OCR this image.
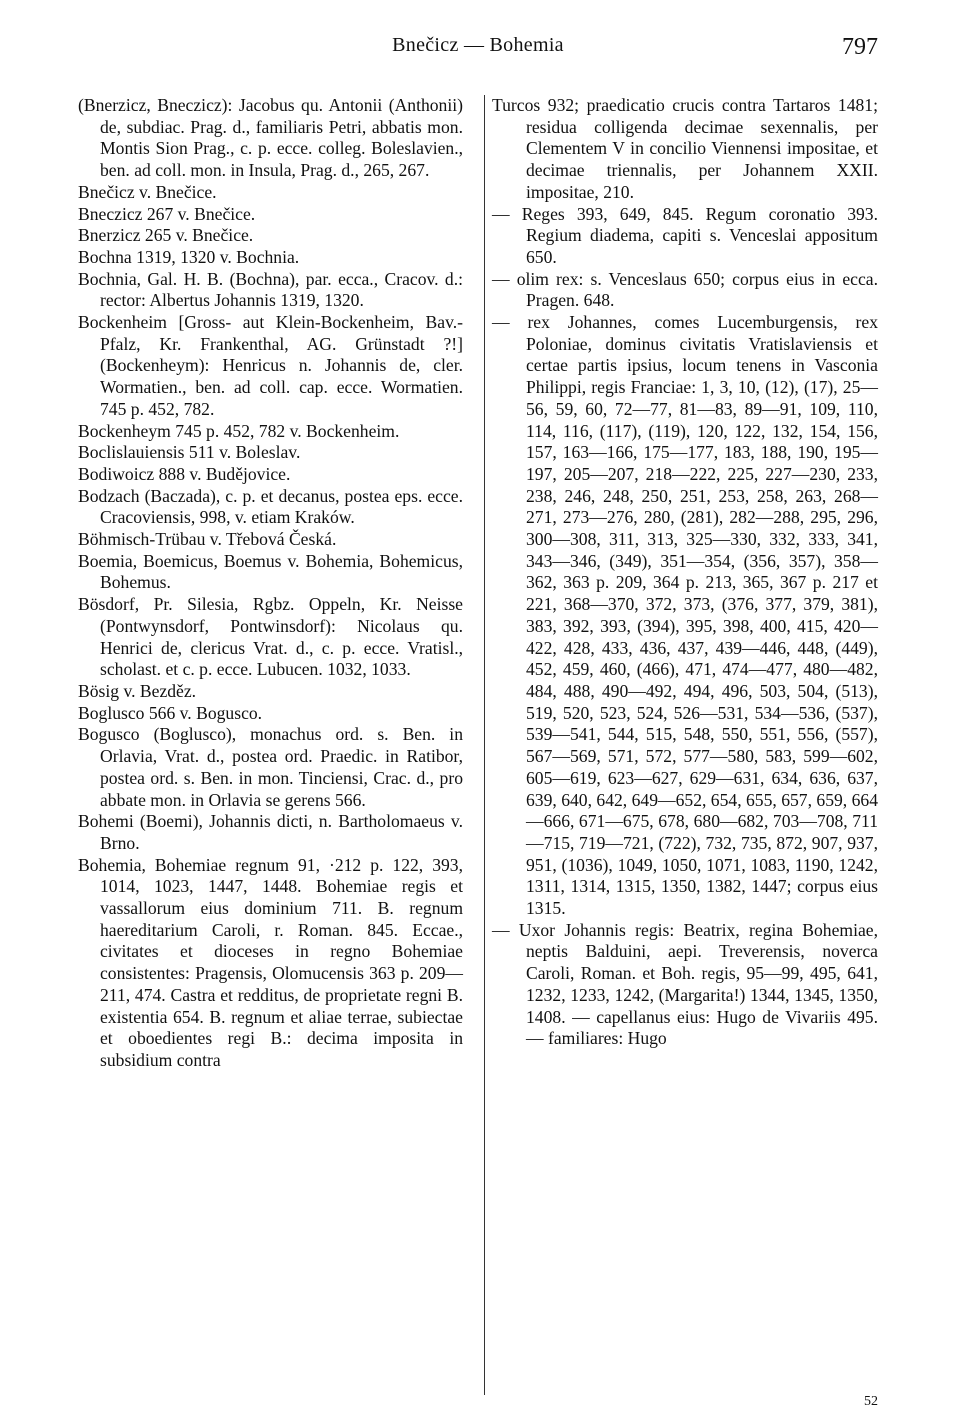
Bnečicz — Bohemia	797

(Bnerzicz, Bneczicz): Jacobus qu. Antonii (Anthonii) de, subdiac. Prag. d., familiaris Petri, abbatis mon. Montis Sion Prag., c. p. ecce. colleg. Boleslavien., ben. ad coll. mon. in Insula, Prag. d., 265, 267.

Bnečicz v. Bnečice.

Bneczicz 267 v. Bnečice.

Bnerzicz 265 v. Bnečice.

Bochna 1319, 1320 v. Bochnia.

Bochnia, Gal. H. B. (Bochna), par. ecca., Cracov. d.: rector: Albertus Johannis 1319, 1320.

Bockenheim [Gross- aut Klein-Bockenheim, Bav.-Pfalz, Kr. Frankenthal, AG. Grünstadt ?!] (Bockenheym): Henricus n. Johannis de, cler. Wormatien., ben. ad coll. cap. ecce. Wormatien. 745 p. 452, 782.

Bockenheym 745 p. 452, 782 v. Bockenheim.

Boclislauiensis 511 v. Boleslav.

Bodiwoicz 888 v. Budějovice.

Bodzach (Baczada), c. p. et decanus, postea eps. ecce. Cracoviensis, 998, v. etiam Kraków.

Böhmisch-Trübau v. Třebová Česká.

Boemia, Boemicus, Boemus v. Bohemia, Bohemicus, Bohemus.

Bösdorf, Pr. Silesia, Rgbz. Oppeln, Kr. Neisse (Pontwynsdorf, Pontwinsdorf): Nicolaus qu. Henrici de, clericus Vrat. d., c. p. ecce. Vratisl., scholast. et c. p. ecce. Lubucen. 1032, 1033.

Bösig v. Bezděz.

Boglusco 566 v. Bogusco.

Bogusco (Boglusco), monachus ord. s. Ben. in Orlavia, Vrat. d., postea ord. Praedic. in Ratibor, postea ord. s. Ben. in mon. Tinciensi, Crac. d., pro abbate mon. in Orlavia se gerens 566.

Bohemi (Boemi), Johannis dicti, n. Bartholomaeus v. Brno.

Bohemia, Bohemiae regnum 91, ·212 p. 122, 393, 1014, 1023, 1447, 1448. Bohemiae regis et vassallorum eius dominium 711. B. regnum haereditarium Caroli, r. Roman. 845. Eccae., civitates et dioceses in regno Bohemiae consistentes: Pragensis, Olomucensis 363 p. 209—211, 474. Castra et redditus, de proprietate regni B. existentia 654. B. regnum et aliae terrae, subiectae et oboedientes regi B.: decima imposita in subsidium contra

Turcos 932; praedicatio crucis contra Tartaros 1481; residua colligenda decimae sexennalis, per Clementem V in concilio Viennensi impositae, et decimae triennalis, per Johannem XXII. impositae, 210.

— Reges 393, 649, 845. Regum coronatio 393. Regium diadema, capiti s. Venceslai appositum 650.

— olim rex: s. Venceslaus 650; corpus eius in ecca. Pragen. 648.

— rex Johannes, comes Lucemburgensis, rex Poloniae, dominus civitatis Vratislaviensis et certae partis ipsius, locum tenens in Vasconia Philippi, regis Franciae: 1, 3, 10, (12), (17), 25—56, 59, 60, 72—77, 81—83, 89—91, 109, 110, 114, 116, (117), (119), 120, 122, 132, 154, 156, 157, 163—166, 175—177, 183, 188, 190, 195—197, 205—207, 218—222, 225, 227—230, 233, 238, 246, 248, 250, 251, 253, 258, 263, 268—271, 273—276, 280, (281), 282—288, 295, 296, 300—308, 311, 313, 325—330, 332, 333, 341, 343—346, (349), 351—354, (356, 357), 358—362, 363 p. 209, 364 p. 213, 365, 367 p. 217 et 221, 368—370, 372, 373, (376, 377, 379, 381), 383, 392, 393, (394), 395, 398, 400, 415, 420—422, 428, 433, 436, 437, 439—446, 448, (449), 452, 459, 460, (466), 471, 474—477, 480—482, 484, 488, 490—492, 494, 496, 503, 504, (513), 519, 520, 523, 524, 526—531, 534—536, (537), 539—541, 544, 515, 548, 550, 551, 556, (557), 567—569, 571, 572, 577—580, 583, 599—602, 605—619, 623—627, 629—631, 634, 636, 637, 639, 640, 642, 649—652, 654, 655, 657, 659, 664—666, 671—675, 678, 680—682, 703—708, 711—715, 719—721, (722), 732, 735, 872, 907, 937, 951, (1036), 1049, 1050, 1071, 1083, 1190, 1242, 1311, 1314, 1315, 1350, 1382, 1447; corpus eius 1315.

— Uxor Johannis regis: Beatrix, regina Bohemiae, neptis Balduini, aepi. Treverensis, noverca Caroli, Roman. et Boh. regis, 95—99, 495, 641, 1232, 1233, 1242, (Margarita!) 1344, 1345, 1350, 1408. — capellanus eius: Hugo de Vivariis 495. — familiares: Hugo

52
